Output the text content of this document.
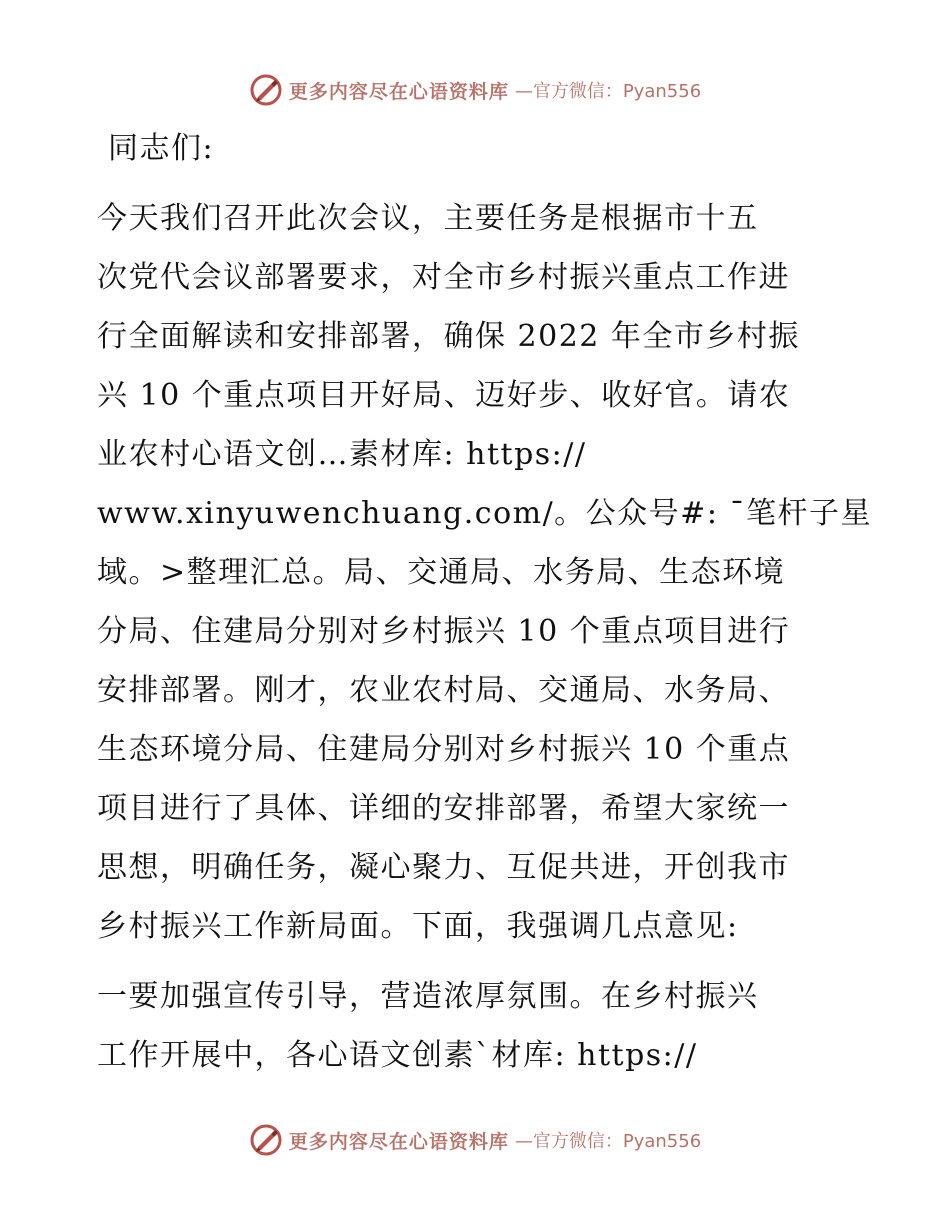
更多内容尽在心语资料库 —官方微信：Pyan556
同志们:
今天我们召开此次会议，主要任务是根据市十五
次党代会议部署要求，对全市乡村振兴重点工作进
行全面解读和安排部署，确保 2022 年全市乡村振
兴 10 个重点项目开好局、迈好步、收好官。请农
业农村心语文创…素材库: https://
www.xinyuwenchuang.com/。公众号#: ¯笔杆子星
域。>整理汇总。局、交通局、水务局、生态环境
分局、住建局分别对乡村振兴 10 个重点项目进行
安排部署。刚才，农业农村局、交通局、水务局、
生态环境分局、住建局分别对乡村振兴 10 个重点
项目进行了具体、详细的安排部署，希望大家统一
思想，明确任务，凝心聚力、互促共进，开创我市
乡村振兴工作新局面。下面，我强调几点意见:
一要加强宣传引导，营造浓厚氛围。在乡村振兴
工作开展中，各心语文创素`材库: https://
更多内容尽在心语资料库 —官方微信：Pyan556
